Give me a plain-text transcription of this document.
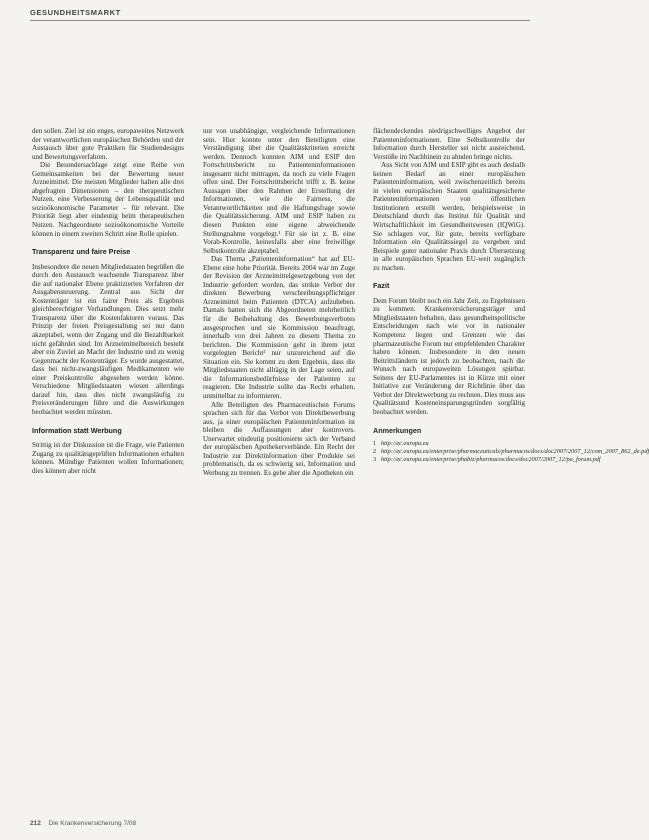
GESUNDHEITSMARKT

den sollen. Ziel ist ein enges, europaweites Netzwerk der verantwortlichen europäischen Behörden und der Austausch über gute Praktiken für Studiendesigns und Bewertungsverfahren.

Die Besondersachlage zeigt eine Reihe von Gemeinsamkeiten bei der Bewertung neuer Arzneimittel. Die meisten Mitglieder halten alle drei abgefragten Dimensionen – den therapeutischen Nutzen, eine Verbesserung der Lebensqualität und sozioökonomische Parameter – für relevant. Die Priorität liegt aber eindeutig beim therapeutischen Nutzen. Nachgeordnete sozioökonomische Vorteile können in einem zweiten Schritt eine Rolle spielen.

Transparenz und faire Preise

Insbesondere die neuen Mitgliedstaaten begrüßen die durch den Austausch wachsende Transparenz über die auf nationaler Ebene praktizierten Verfahren der Ausgabensteuerung. Zentral aus Sicht der Kostenträger ist ein fairer Preis als Ergebnis gleichberechtigter Verhandlungen. Dies setzt mehr Transparenz über die Kostenfaktoren voraus. Das Prinzip der freien Preisgestaltung sei nur dann akzeptabel, wenn der Zugang und die Bezahlbarkeit nicht gefährdet sind. Im Arzneimittelbereich besteht aber ein Zuviel an Macht der Industrie und zu wenig Gegenmacht der Kostenträger. Es wurde ausgestattet, dass bei nicht-zwangsläufigen Medikamenten wie einer Preiskontrolle abgesehen werden könne. Verschiedene Mitgliedstaaten wiesen allerdings darauf hin, dass dies nicht zwangsläufig zu Preisveränderungen führe und die Auswirkungen beobachtet werden müssten.

Information statt Werbung

Strittig ist der Diskussion ist die Frage, wie Patienten Zugang zu qualitätsgeprüften Informationen erhalten können. Mündige Patienten wollen Informationen; dies können aber nicht

nur von unabhängige, vergleichende Informationen sein. Hier konnte unter den Beteiligten eine Verständigung über die Qualitätskriterien erreicht werden. Dennoch konnten AIM und ESIP den Fortschrittsbericht zu Patienteninformationen insgesamt nicht mittragen, da noch zu viele Fragen offen sind. Der Fortschrittsbericht trifft z. B. keine Aussagen über den Rahmen der Erstellung der Informationen, wie die Fairness, die Verantwortlichkeiten und die Haftungsfrage sowie die Qualitätssicherung. AIM und ESIP haben zu diesen Punkten eine eigene abweichende Stellungnahme vorgelegt.¹ Für sie ist z. B. eine Vorab-Kontrolle, keinesfalls aber eine freiwillige Selbstkontrolle akzeptabel.

Das Thema „Patienteninformation“ hat auf EU-Ebene eine hohe Priorität. Bereits 2004 war im Zuge der Revision der Arzneimittelgesetzgebung von der Industrie gefordert worden, das strikte Verbot der direkten Bewerbung verschreibungspflichtiger Arzneimittel beim Patienten (DTCA) aufzuheben. Damals hatten sich die Abgeordneten mehrheitlich für die Beibehaltung des Bewerbungsverbotes ausgesprochen und sie Kommission beauftragt, innerhalb von drei Jahren zu diesem Thema zu berichten. Die Kommission geht in ihrem jetzt vorgelegten Bericht² nur unzureichend auf die Situation ein. Sie kommt zu dem Ergebnis, dass die Mitgliedstaaten nicht alltägig in der Lage seien, auf die Informationsbedürfnisse der Patienten zu reagieren. Die Industrie sollte das Recht erhalten, unmittelbar zu informieren.

Alle Beteiligten des Pharmaceutischen Forums sprachen sich für das Verbot von Direktbewerbung aus, ja einer europäischen Patienteninformation ist bleiben die Auffassungen aber kontrovers. Unerwartet eindeutig positionierte sich der Verband der europäischen Apothekerverbände. Ein Recht der Industrie zur Direktinformation über Produkte sei problematisch, da es schwierig sei, Information und Werbung zu trennen. Es gebe aber die Apotheken ein

flächendeckendes niedrigschwelliges Angebot der Patienteninformationen. Eine Selbstkontrolle der Information durch Hersteller sei nicht ausreichend, Verstöße im Nachhinein zu ahnden bringe nichts.

Aus Sicht von AIM und ESIP gibt es auch deshalb keinen Bedarf an einer europäischen Patienteninformation, weil zwischenzeitlich bereits in vielen europäischen Staaten qualitätsgesicherte Patienteninformationen von öffentlichen Institutionen erstellt werden, beispielsweise in Deutschland durch das Institut für Qualität und Wirtschaftlichkeit im Gesundheitswesen (IQWiG). Sie schlagen vor, für gute, bereits verfügbare Information ein Qualitätssiegel zu vergeben und Beispiele guter nationaler Praxis durch Übersetzung in alle europäischen Sprachen EU-weit zugänglich zu machen.

Fazit

Dem Forum bleibt noch ein Jahr Zeit, zu Ergebnissen zu kommen. Krankenversicherungsträger und Mitgliedstaaten behalten, dass gesundheitspolitische Entscheidungen nach wie vor in nationaler Kompetenz liegen und Grenzen wie das pharmazeutische Forum nur empfehlenden Charakter haben können. Insbesondere in den neuen Beitrittsländern ist jedoch zu beobachten, nach die Wunsch nach europaweiten Lösungen spürbar. Seitens der EU-Parlamentes ist in Kürze mit einer Initiative zur Veränderung der Richtlinie über das Verbot der Direktwerbung zu rechnen. Dies muss aus Qualitätsund Kosteneinsparungsgründen sorgfältig beobachtet werden.

Anmerkungen
1 http://ec.europa.eu
2 http://ec.europa.eu/enterprise/pharmaceuticals/pharmacos/docs/doc2007/2007_12/com_2007_862_de.pdf
3 http://ec.europa.eu/enterprise/phabiz/pharmacos/docs/doc2007/2007_12/pa_forum.pdf
212 Die Krankenversicherung 7/08
